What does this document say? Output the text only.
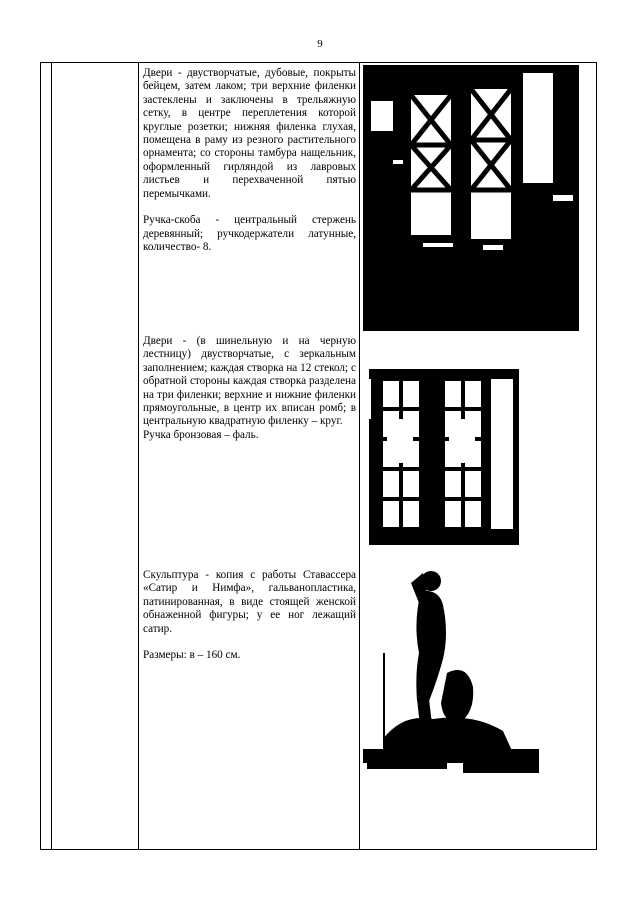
9

Двери - двустворчатые, дубовые, покрыты бейцем, затем лаком; три верхние филенки застеклены и заключены в трельяжную сетку, в центре переплетения которой круглые розетки; нижняя филенка глухая, помещена в раму из резного растительного орнамента; со стороны тамбура нащельник, оформленный гирляндой из лавровых листьев и перехваченной пятью перемычками.

Ручка-скоба - центральный стержень деревянный; ручкодержатели латунные, количество- 8.

Двери - (в шинельную и на черную лестницу) двустворчатые, с зеркальным заполнением; каждая створка на 12 стекол; с обратной стороны каждая створка разделена на три филенки; верхние и нижние филенки прямоугольные, в центр их вписан ромб; в центральную квадратную филенку – круг.

Ручка бронзовая – фаль.

Скульптура - копия с работы Ставассера «Сатир и Нимфа», гальванопластика, патинированная, в виде стоящей женской обнаженной фигуры; у ее ног лежащий сатир.

Размеры: в – 160 см.
